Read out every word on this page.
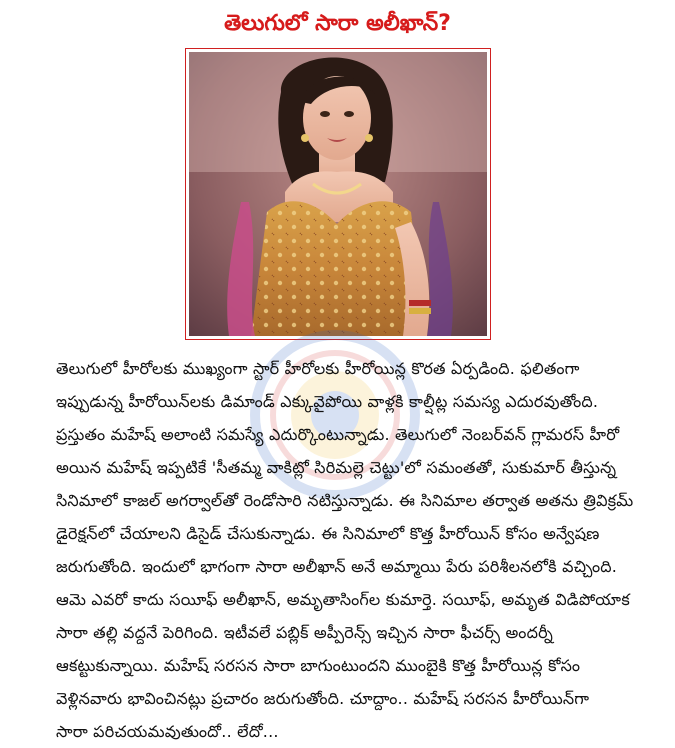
తెలుగులో సారా అలీఖాన్?

తెలుగులో హీరోలకు ముఖ్యంగా స్టార్ హీరోలకు హీరోయిన్ల కొరత ఏర్పడింది. ఫలితంగా

ఇప్పుడున్న హీరోయిన్‌లకు డిమాండ్ ఎక్కువైపోయి వాళ్లకి కాల్షీట్ల సమస్య ఎదురవుతోంది.

ప్రస్తుతం మహేష్ అలాంటి సమస్యే ఎదుర్కొంటున్నాడు. తెలుగులో నెంబర్‌వన్ గ్లామరస్ హీరో

అయిన మహేష్ ఇప్పటికే 'సీతమ్మ వాకిట్లో సిరిమల్లె చెట్టు'లో సమంతతో, సుకుమార్ తీస్తున్న

సినిమాలో కాజల్ అగర్వాల్‌తో రెండోసారి నటిస్తున్నాడు. ఈ సినిమాల తర్వాత అతను త్రివిక్రమ్

డైరెక్షన్‌లో చేయాలని డిసైడ్ చేసుకున్నాడు. ఈ సినిమాలో కొత్త హీరోయిన్ కోసం అన్వేషణ

జరుగుతోంది. ఇందులో భాగంగా సారా అలీఖాన్ అనే అమ్మాయి పేరు పరిశీలనలోకి వచ్చింది.

ఆమె ఎవరో కాదు సయీఫ్ అలీఖాన్, అమృతాసింగ్‌ల కుమార్తె. సయీఫ్, అమృత విడిపోయాక

సారా తల్లి వద్దనే పెరిగింది. ఇటీవలే పబ్లిక్ అప్పీరెన్స్ ఇచ్చిన సారా ఫీచర్స్ అందర్నీ

ఆకట్టుకున్నాయి. మహేష్ సరసన సారా బాగుంటుందని ముంబైకి కొత్త హీరోయిన్ల కోసం

వెళ్లినవారు భావించినట్లు ప్రచారం జరుగుతోంది. చూద్దాం.. మహేష్ సరసన హీరోయిన్‌గా

సారా పరిచయమవుతుందో.. లేదో...
